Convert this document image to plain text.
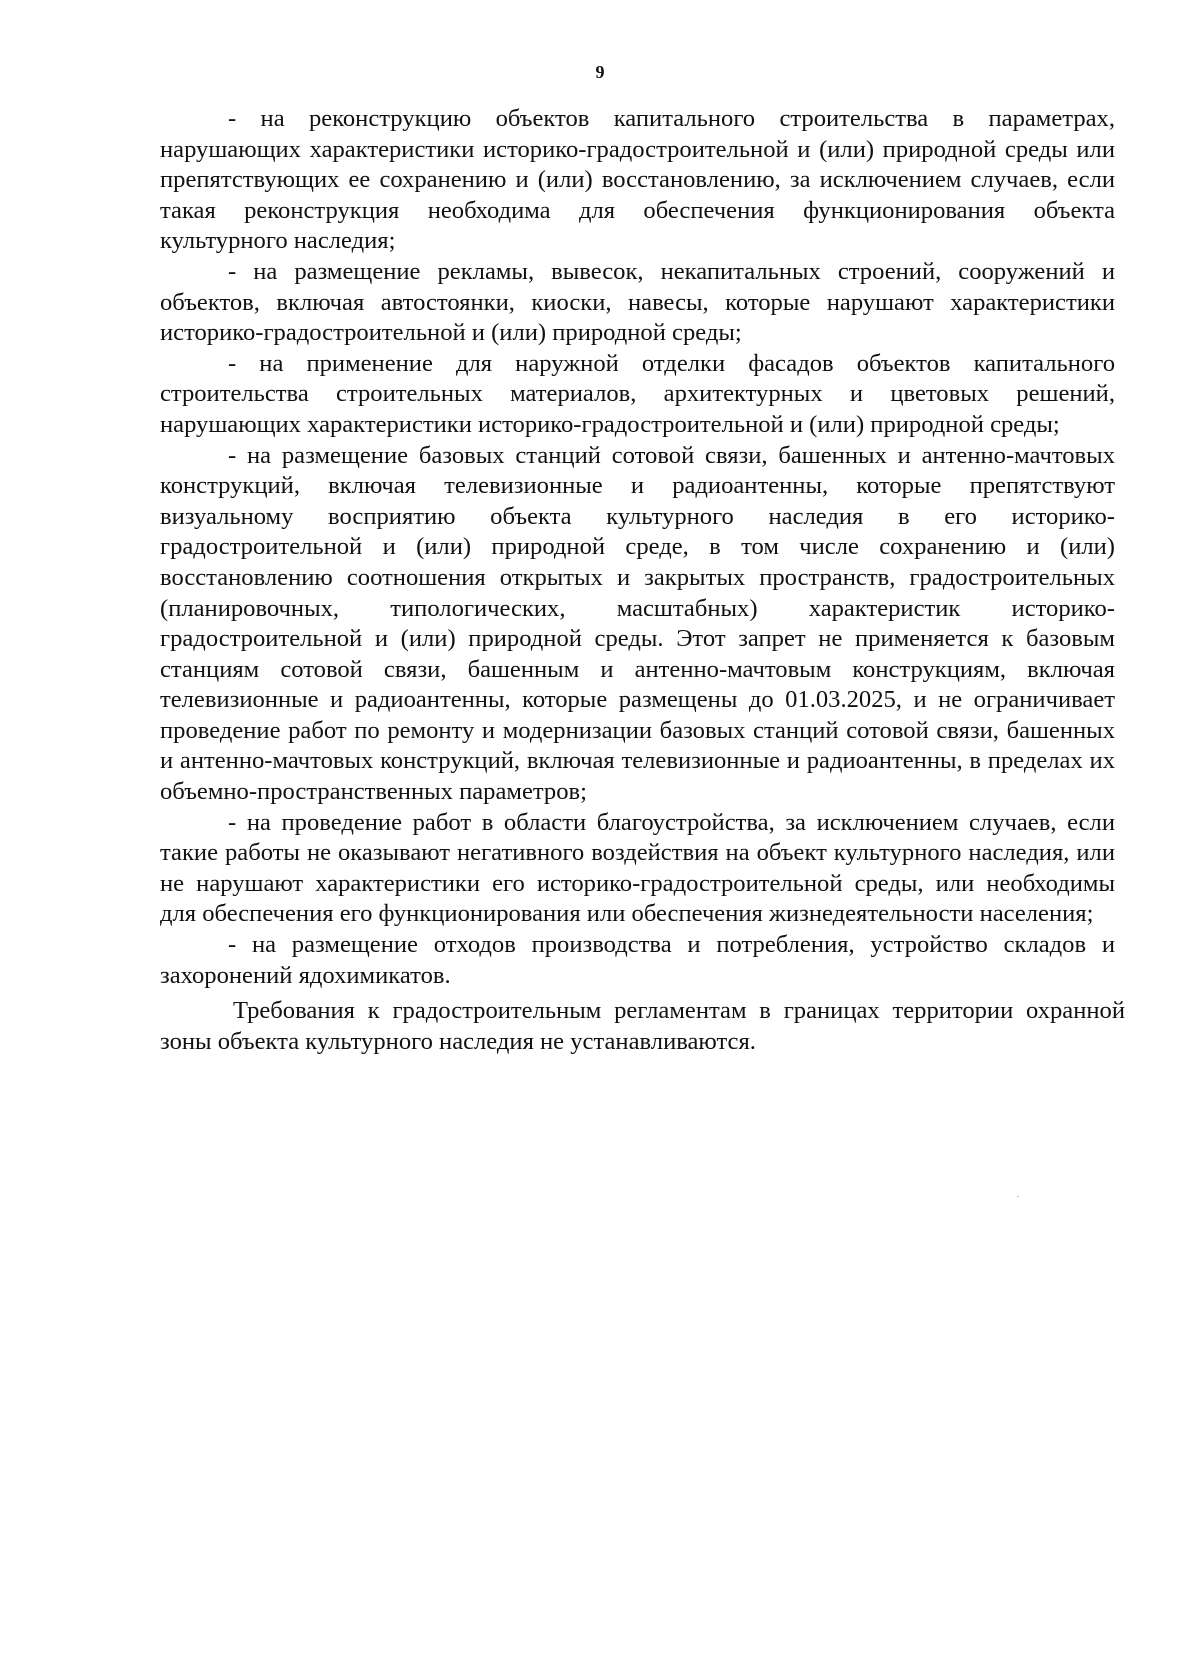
9

- на реконструкцию объектов капитального строительства в параметрах, нарушающих характеристики историко-градостроительной и (или) природной среды или препятствующих ее сохранению и (или) восстановлению, за исключением случаев, если такая реконструкция необходима для обеспечения функционирования объекта культурного наследия;

- на размещение рекламы, вывесок, некапитальных строений, сооружений и объектов, включая автостоянки, киоски, навесы, которые нарушают характеристики историко-градостроительной и (или) природной среды;

- на применение для наружной отделки фасадов объектов капитального строительства строительных материалов, архитектурных и цветовых решений, нарушающих характеристики историко-градостроительной и (или) природной среды;

- на размещение базовых станций сотовой связи, башенных и антенно-мачтовых конструкций, включая телевизионные и радиоантенны, которые препятствуют визуальному восприятию объекта культурного наследия в его историко-градостроительной и (или) природной среде, в том числе сохранению и (или) восстановлению соотношения открытых и закрытых пространств, градостроительных (планировочных, типологических, масштабных) характеристик историко-градостроительной и (или) природной среды. Этот запрет не применяется к базовым станциям сотовой связи, башенным и антенно-мачтовым конструкциям, включая телевизионные и радиоантенны, которые размещены до 01.03.2025, и не ограничивает проведение работ по ремонту и модернизации базовых станций сотовой связи, башенных и антенно-мачтовых конструкций, включая телевизионные и радиоантенны, в пределах их объемно-пространственных параметров;

- на проведение работ в области благоустройства, за исключением случаев, если такие работы не оказывают негативного воздействия на объект культурного наследия, или не нарушают характеристики его историко-градостроительной среды, или необходимы для обеспечения его функционирования или обеспечения жизнедеятельности населения;

- на размещение отходов производства и потребления, устройство складов и захоронений ядохимикатов.

Требования к градостроительным регламентам в границах территории охранной зоны объекта культурного наследия не устанавливаются.
